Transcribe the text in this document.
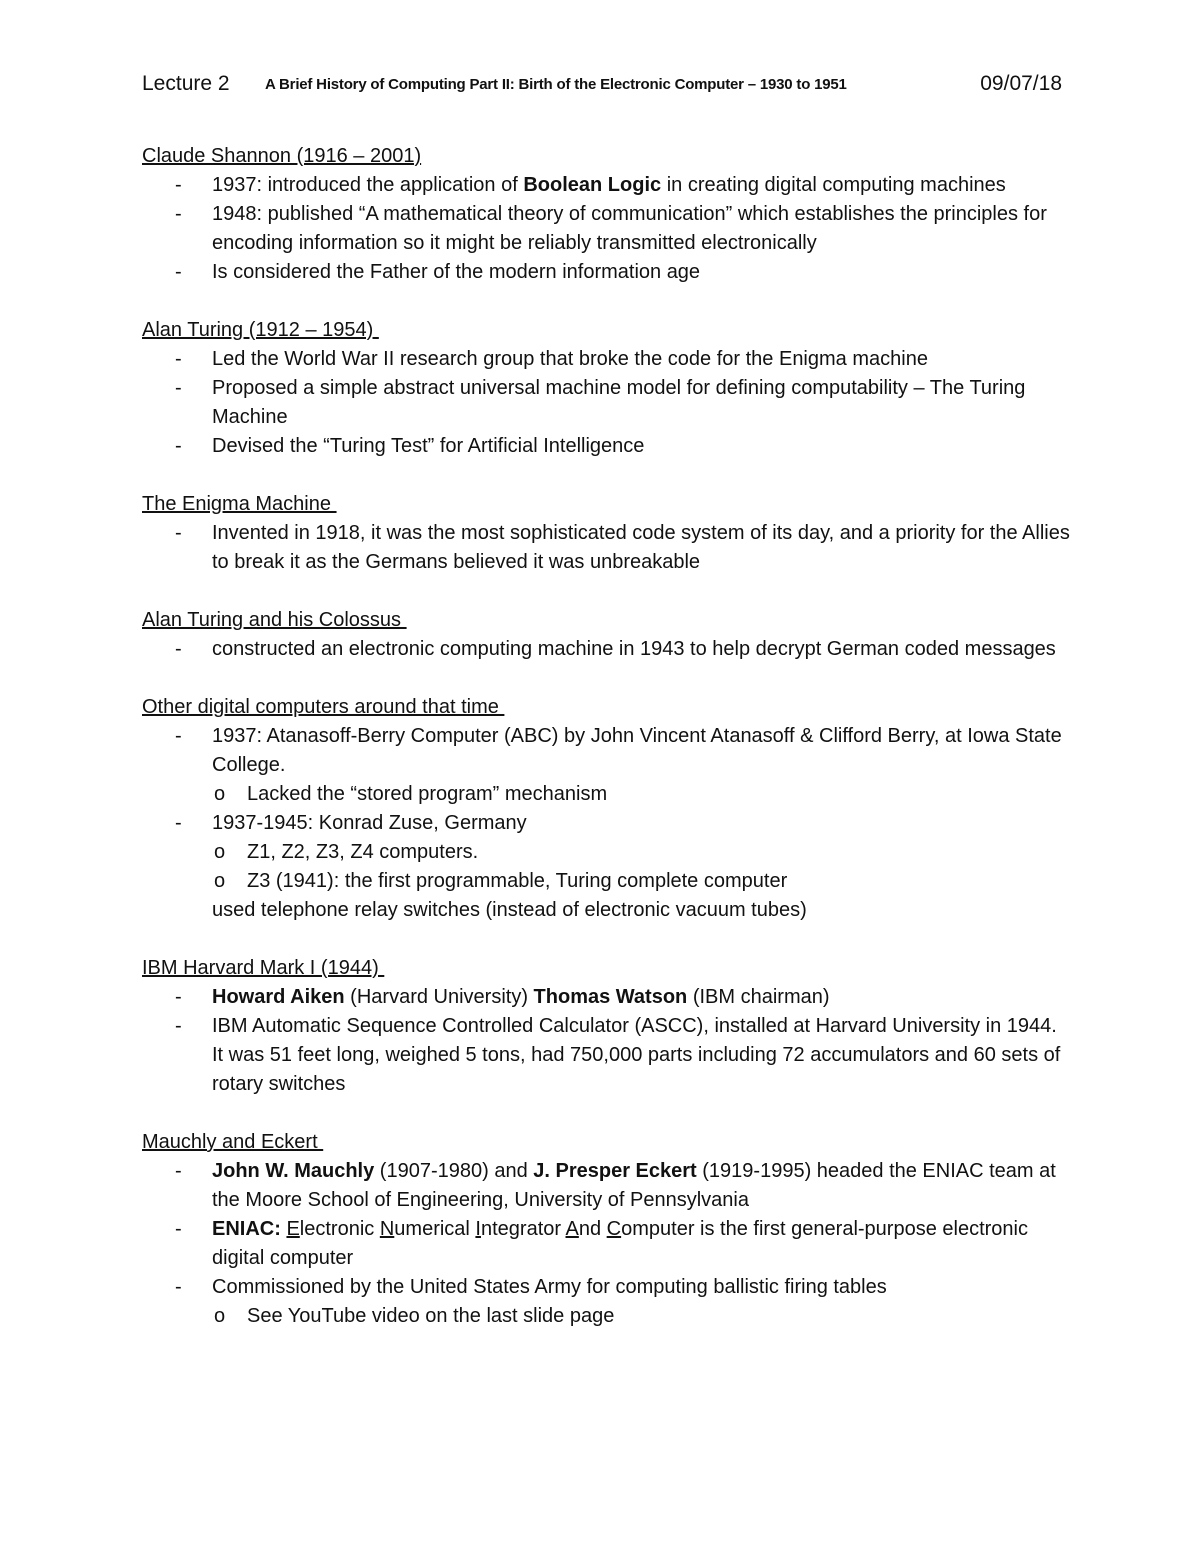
Lecture 2 A Brief History of Computing Part II: Birth of the Electronic Computer – 1930 to 1951	09/07/18
Claude Shannon (1916 – 2001)
- 1937: introduced the application of Boolean Logic in creating digital computing machines
- 1948: published “A mathematical theory of communication” which establishes the principles for encoding information so it might be reliably transmitted electronically
- Is considered the Father of the modern information age
Alan Turing (1912 – 1954)
- Led the World War II research group that broke the code for the Enigma machine
- Proposed a simple abstract universal machine model for defining computability – The Turing Machine
- Devised the “Turing Test” for Artificial Intelligence
The Enigma Machine
- Invented in 1918, it was the most sophisticated code system of its day, and a priority for the Allies to break it as the Germans believed it was unbreakable
Alan Turing and his Colossus
- constructed an electronic computing machine in 1943 to help decrypt German coded messages
Other digital computers around that time
- 1937: Atanasoff-Berry Computer (ABC) by John Vincent Atanasoff & Clifford Berry, at Iowa State College.
o Lacked the “stored program” mechanism
- 1937-1945: Konrad Zuse, Germany
o Z1, Z2, Z3, Z4 computers.
o Z3 (1941): the first programmable, Turing complete computer
used telephone relay switches (instead of electronic vacuum tubes)
IBM Harvard Mark I (1944)
- Howard Aiken (Harvard University) Thomas Watson (IBM chairman)
- IBM Automatic Sequence Controlled Calculator (ASCC), installed at Harvard University in 1944. It was 51 feet long, weighed 5 tons, had 750,000 parts including 72 accumulators and 60 sets of rotary switches
Mauchly and Eckert
- John W. Mauchly (1907-1980) and J. Presper Eckert (1919-1995) headed the ENIAC team at the Moore School of Engineering, University of Pennsylvania
- ENIAC: Electronic Numerical Integrator And Computer is the first general-purpose electronic digital computer
- Commissioned by the United States Army for computing ballistic firing tables
o See YouTube video on the last slide page
